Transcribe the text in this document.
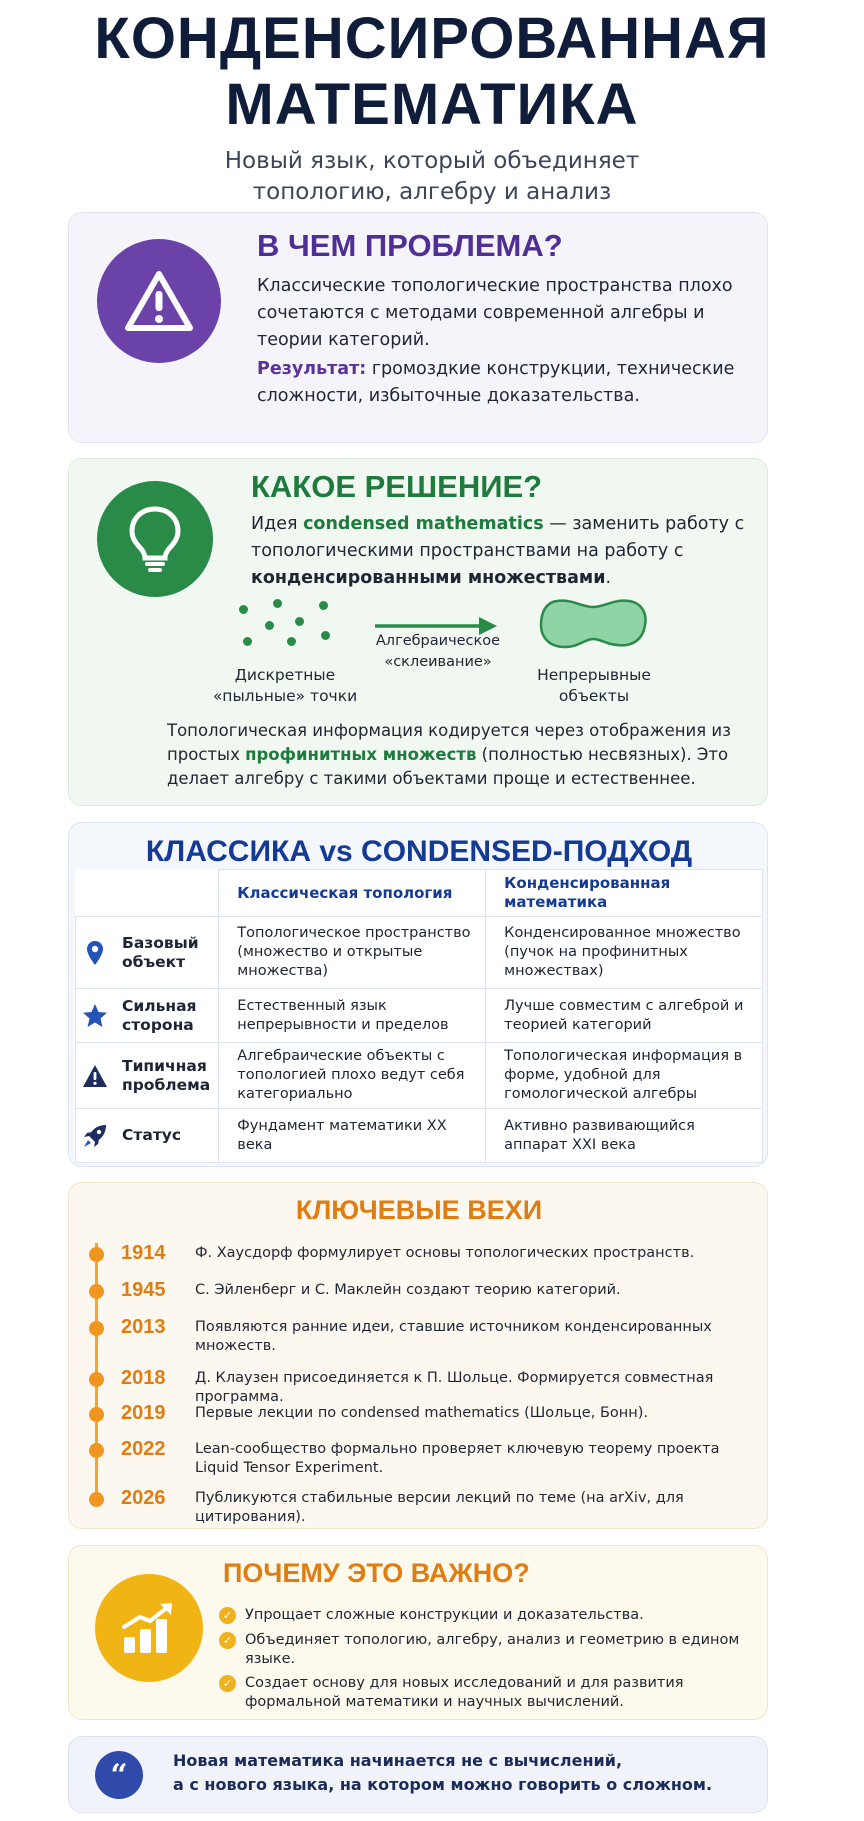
КОНДЕНСИРОВАННАЯ
МАТЕМАТИКА
Новый язык, который объединяет
топологию, алгебру и анализ
В ЧЕМ ПРОБЛЕМА?
Классические топологические пространства плохо сочетаются с методами современной алгебры и теории категорий.
Результат: громоздкие конструкции, технические сложности, избыточные доказательства.
КАКОЕ РЕШЕНИЕ?
Идея condensed mathematics — заменить работу с топологическими пространствами на работу с конденсированными множествами.
Дискретные
«пыльные» точки
Алгебраическое
«склеивание»
Непрерывные
объекты
Топологическая информация кодируется через отображения из простых профинитных множеств (полностью несвязных). Это делает алгебру с такими объектами проще и естественнее.
КЛАССИКА vs CONDENSED-ПОДХОД
	Классическая топология	Конденсированная математика

Базовый
объект	Топологическое пространство (множество и открытые множества)	Конденсированное множество (пучок на профинитных множествах)

Сильная
сторона	Естественный язык непрерывности и пределов	Лучше совместим с алгеброй и теорией категорий

Типичная
проблема	Алгебраические объекты с топологией плохо ведут себя категориально	Топологическая информация в форме, удобной для гомологической алгебры

Статус	Фундамент математики XX века	Активно развивающийся аппарат XXI века
КЛЮЧЕВЫЕ ВЕХИ
1914 Ф. Хаусдорф формулирует основы топологических пространств.
1945 С. Эйленберг и С. Маклейн создают теорию категорий.
2013 Появляются ранние идеи, ставшие источником конденсированных множеств.
2018 Д. Клаузен присоединяется к П. Шольце. Формируется совместная программа.
2019 Первые лекции по condensed mathematics (Шольце, Бонн).
2022 Lean-сообщество формально проверяет ключевую теорему проекта Liquid Tensor Experiment.
2026 Публикуются стабильные версии лекций по теме (на arXiv, для цитирования).
ПОЧЕМУ ЭТО ВАЖНО?
✓ Упрощает сложные конструкции и доказательства.
✓ Объединяет топологию, алгебру, анализ и геометрию в едином языке.
✓ Создает основу для новых исследований и для развития формальной математики и научных вычислений.
“	Новая математика начинается не с вычислений,
а с нового языка, на котором можно говорить о сложном.
